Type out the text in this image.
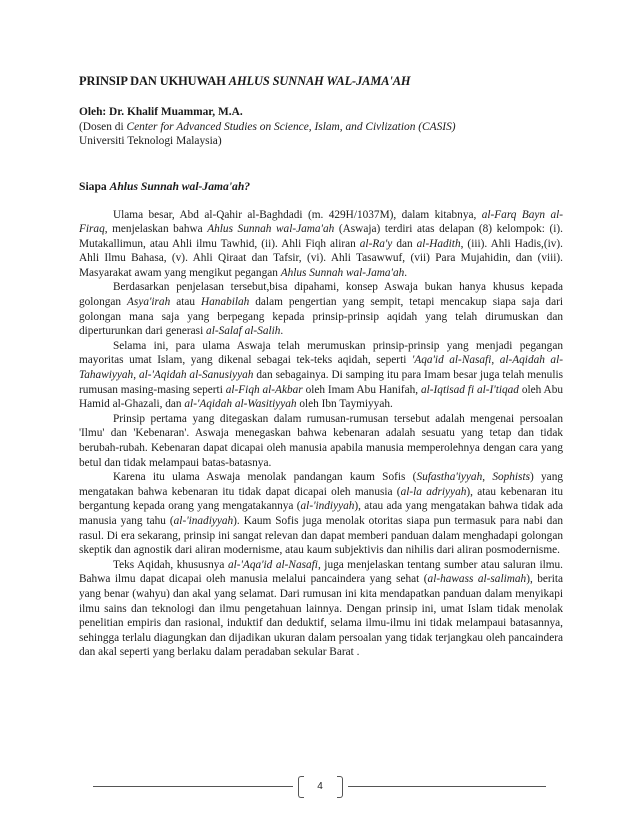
PRINSIP DAN UKHUWAH AHLUS SUNNAH WAL-JAMA'AH
Oleh: Dr. Khalif Muammar, M.A.
(Dosen di Center for Advanced Studies on Science, Islam, and Civlization (CASIS)
Universiti Teknologi Malaysia)
Siapa Ahlus Sunnah wal-Jama'ah?

Ulama besar, Abd al-Qahir al-Baghdadi (m. 429H/1037M), dalam kitabnya, al-Farq Bayn al-Firaq, menjelaskan bahwa Ahlus Sunnah wal-Jama'ah (Aswaja) terdiri atas delapan (8) kelompok: (i). Mutakallimun, atau Ahli ilmu Tawhid, (ii). Ahli Fiqh aliran al-Ra'y dan al-Hadith, (iii). Ahli Hadis,(iv). Ahli Ilmu Bahasa, (v). Ahli Qiraat dan Tafsir, (vi). Ahli Tasawwuf, (vii) Para Mujahidin, dan (viii). Masyarakat awam yang mengikut pegangan Ahlus Sunnah wal-Jama'ah.

Berdasarkan penjelasan tersebut,bisa dipahami, konsep Aswaja bukan hanya khusus kepada golongan Asya'irah atau Hanabilah dalam pengertian yang sempit, tetapi mencakup siapa saja dari golongan mana saja yang berpegang kepada prinsip-prinsip aqidah yang telah dirumuskan dan diperturunkan dari generasi al-Salaf al-Salih.

Selama ini, para ulama Aswaja telah merumuskan prinsip-prinsip yang menjadi pegangan mayoritas umat Islam, yang dikenal sebagai tek-teks aqidah, seperti 'Aqa'id al-Nasafi, al-Aqidah al-Tahawiyyah, al-'Aqidah al-Sanusiyyah dan sebagainya. Di samping itu para Imam besar juga telah menulis rumusan masing-masing seperti al-Fiqh al-Akbar oleh Imam Abu Hanifah, al-Iqtisad fi al-I'tiqad oleh Abu Hamid al-Ghazali, dan al-'Aqidah al-Wasitiyyah oleh Ibn Taymiyyah.

Prinsip pertama yang ditegaskan dalam rumusan-rumusan tersebut adalah mengenai persoalan 'Ilmu' dan 'Kebenaran'. Aswaja menegaskan bahwa kebenaran adalah sesuatu yang tetap dan tidak berubah-rubah. Kebenaran dapat dicapai oleh manusia apabila manusia memperolehnya dengan cara yang betul dan tidak melampaui batas-batasnya.

Karena itu ulama Aswaja menolak pandangan kaum Sofis (Sufastha'iyyah, Sophists) yang mengatakan bahwa kebenaran itu tidak dapat dicapai oleh manusia (al-la adriyyah), atau kebenaran itu bergantung kepada orang yang mengatakannya (al-'indiyyah), atau ada yang mengatakan bahwa tidak ada manusia yang tahu (al-'inadiyyah). Kaum Sofis juga menolak otoritas siapa pun termasuk para nabi dan rasul. Di era sekarang, prinsip ini sangat relevan dan dapat memberi panduan dalam menghadapi golongan skeptik dan agnostik dari aliran modernisme, atau kaum subjektivis dan nihilis dari aliran posmodernisme.

Teks Aqidah, khususnya al-'Aqa'id al-Nasafi, juga menjelaskan tentang sumber atau saluran ilmu. Bahwa ilmu dapat dicapai oleh manusia melalui pancaindera yang sehat (al-hawass al-salimah), berita yang benar (wahyu) dan akal yang selamat. Dari rumusan ini kita mendapatkan panduan dalam menyikapi ilmu sains dan teknologi dan ilmu pengetahuan lainnya. Dengan prinsip ini, umat Islam tidak menolak penelitian empiris dan rasional, induktif dan deduktif, selama ilmu-ilmu ini tidak melampaui batasannya, sehingga terlalu diagungkan dan dijadikan ukuran dalam persoalan yang tidak terjangkau oleh pancaindera dan akal seperti yang berlaku dalam peradaban sekular Barat .

4
